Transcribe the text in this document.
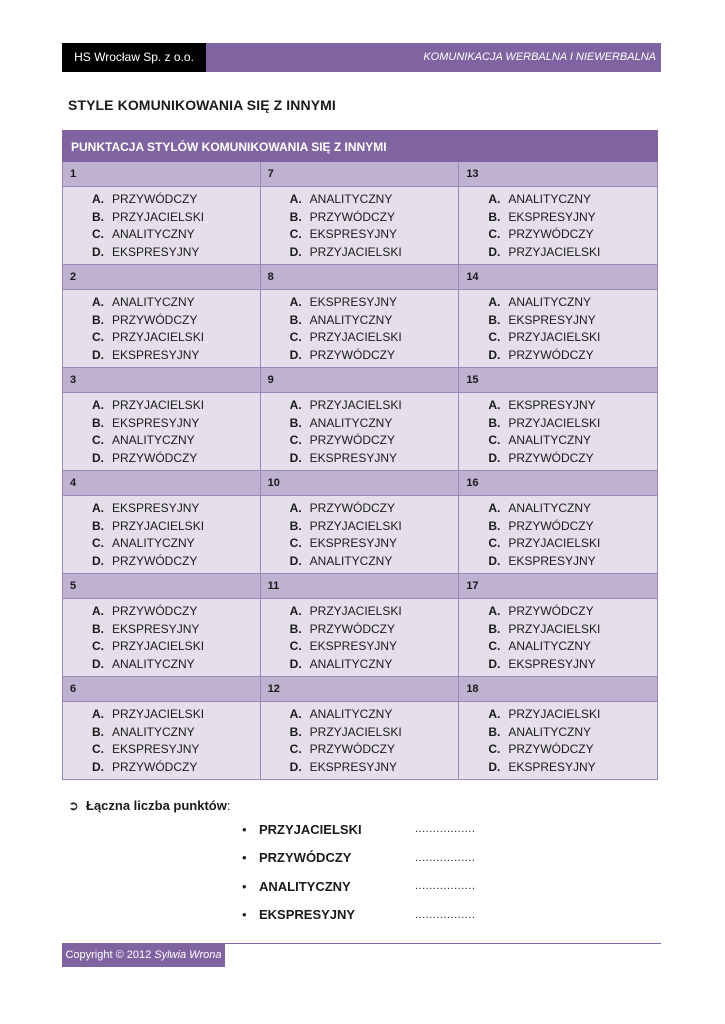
HS Wrocław Sp. z o.o.	KOMUNIKACJA WERBALNA I NIEWERBALNA
STYLE KOMUNIKOWANIA SIĘ Z INNYMI
PUNKTACJA STYLÓW KOMUNIKOWANIA SIĘ Z INNYMI
1	7	13
A. PRZYWÓDCZY
B. PRZYJACIELSKI
C. ANALITYCZNY
D. EKSPRESYJNY
A. ANALITYCZNY
B. PRZYWÓDCZY
C. EKSPRESYJNY
D. PRZYJACIELSKI
A. ANALITYCZNY
B. EKSPRESYJNY
C. PRZYWÓDCZY
D. PRZYJACIELSKI
2	8	14
A. ANALITYCZNY
B. PRZYWÓDCZY
C. PRZYJACIELSKI
D. EKSPRESYJNY
A. EKSPRESYJNY
B. ANALITYCZNY
C. PRZYJACIELSKI
D. PRZYWÓDCZY
A. ANALITYCZNY
B. EKSPRESYJNY
C. PRZYJACIELSKI
D. PRZYWÓDCZY
3	9	15
A. PRZYJACIELSKI
B. EKSPRESYJNY
C. ANALITYCZNY
D. PRZYWÓDCZY
A. PRZYJACIELSKI
B. ANALITYCZNY
C. PRZYWÓDCZY
D. EKSPRESYJNY
A. EKSPRESYJNY
B. PRZYJACIELSKI
C. ANALITYCZNY
D. PRZYWÓDCZY
4	10	16
A. EKSPRESYJNY
B. PRZYJACIELSKI
C. ANALITYCZNY
D. PRZYWÓDCZY
A. PRZYWÓDCZY
B. PRZYJACIELSKI
C. EKSPRESYJNY
D. ANALITYCZNY
A. ANALITYCZNY
B. PRZYWÓDCZY
C. PRZYJACIELSKI
D. EKSPRESYJNY
5	11	17
A. PRZYWÓDCZY
B. EKSPRESYJNY
C. PRZYJACIELSKI
D. ANALITYCZNY
A. PRZYJACIELSKI
B. PRZYWÓDCZY
C. EKSPRESYJNY
D. ANALITYCZNY
A. PRZYWÓDCZY
B. PRZYJACIELSKI
C. ANALITYCZNY
D. EKSPRESYJNY
6	12	18
A. PRZYJACIELSKI
B. ANALITYCZNY
C. EKSPRESYJNY
D. PRZYWÓDCZY
A. ANALITYCZNY
B. PRZYJACIELSKI
C. PRZYWÓDCZY
D. EKSPRESYJNY
A. PRZYJACIELSKI
B. ANALITYCZNY
C. PRZYWÓDCZY
D. EKSPRESYJNY
➲ Łączna liczba punktów:
• PRZYJACIELSKI	.................
• PRZYWÓDCZY	.................
• ANALITYCZNY	.................
• EKSPRESYJNY	.................
Copyright © 2012 Sylwia Wrona
